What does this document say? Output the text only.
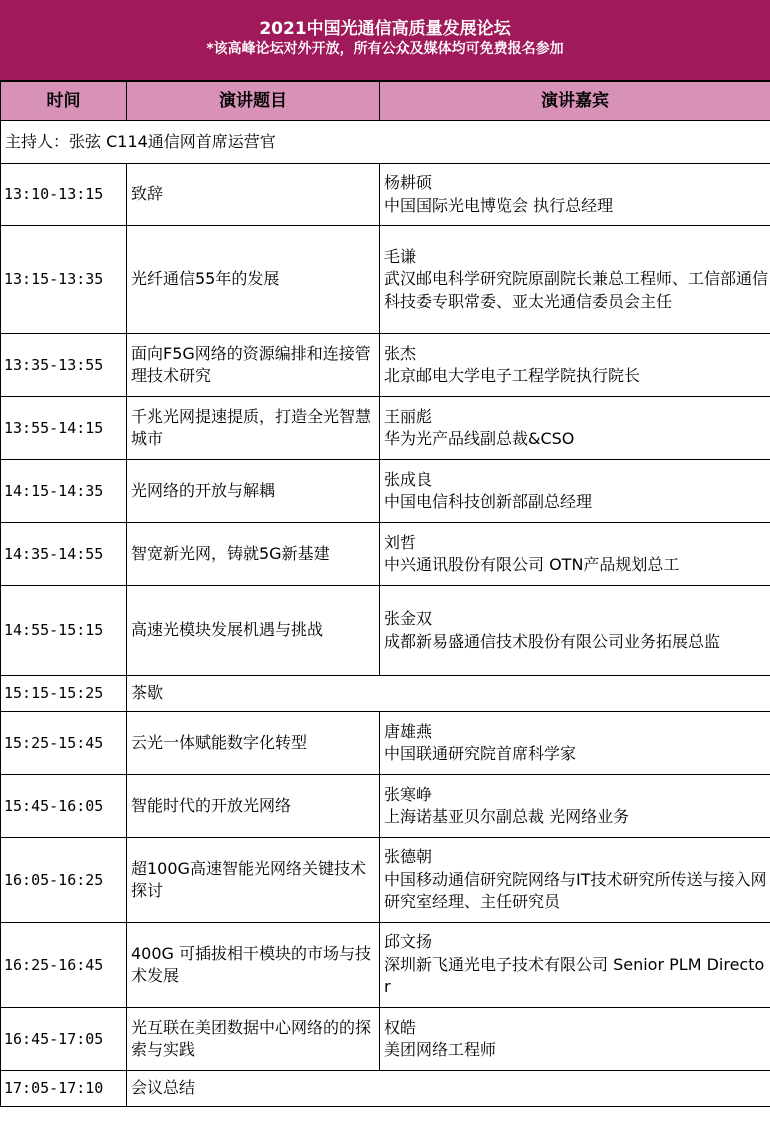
2021中国光通信高质量发展论坛
*该高峰论坛对外开放，所有公众及媒体均可免费报名参加
时间	演讲题目	演讲嘉宾
主持人：张弦 C114通信网首席运营官		
13:10-13:15	致辞	杨耕硕
中国国际光电博览会 执行总经理

13:15-13:35	光纤通信55年的发展	毛谦
武汉邮电科学研究院原副院长兼总工程师、工信部通信科技委专职常委、亚太光通信委员会主任

13:35-13:55	面向F5G网络的资源编排和连接管理技术研究	张杰
北京邮电大学电子工程学院执行院长

13:55-14:15	千兆光网提速提质，打造全光智慧城市	王丽彪
华为光产品线副总裁&CSO

14:15-14:35	光网络的开放与解耦	张成良
中国电信科技创新部副总经理

14:35-14:55	智宽新光网，铸就5G新基建	刘哲
中兴通讯股份有限公司 OTN产品规划总工

14:55-15:15	高速光模块发展机遇与挑战	张金双
成都新易盛通信技术股份有限公司业务拓展总监

15:15-15:25	茶歇	
15:25-15:45	云光一体赋能数字化转型	唐雄燕
中国联通研究院首席科学家

15:45-16:05	智能时代的开放光网络	张寒峥
上海诺基亚贝尔副总裁 光网络业务

16:05-16:25	超100G高速智能光网络关键技术探讨	张德朝
中国移动通信研究院网络与IT技术研究所传送与接入网研究室经理、主任研究员

16:25-16:45	400G 可插拔相干模块的市场与技术发展	邱文扬
深圳新飞通光电子技术有限公司 Senior PLM Director

16:45-17:05	光互联在美团数据中心网络的的探索与实践	权皓
美团网络工程师

17:05-17:10	会议总结	
